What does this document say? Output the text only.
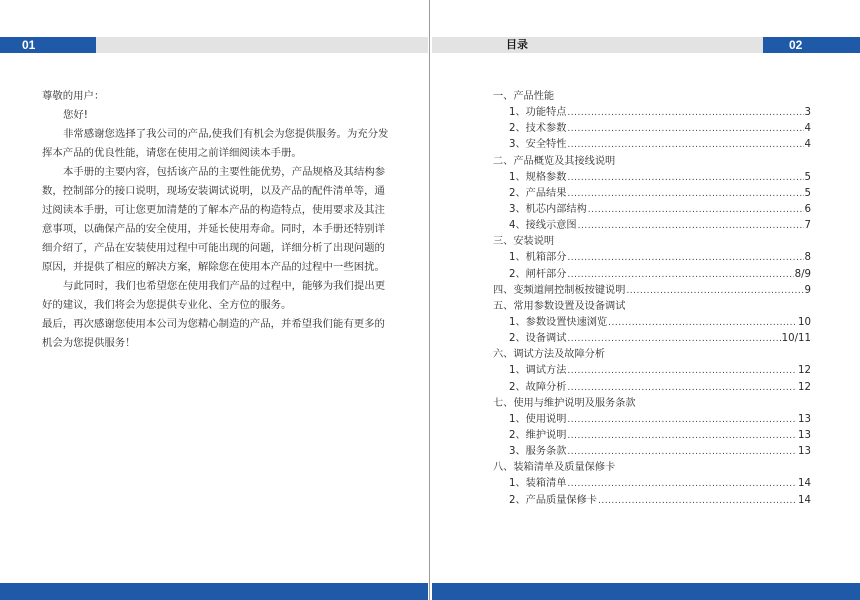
01	目录	02

尊敬的用户：

您好!

非常感谢您选择了我公司的产品,使我们有机会为您提供服务。为充分发挥本产品的优良性能，请您在使用之前详细阅读本手册。

本手册的主要内容，包括该产品的主要性能优势，产品规格及其结构参数，控制部分的接口说明，现场安装调试说明，以及产品的配件清单等，通过阅读本手册，可让您更加清楚的了解本产品的构造特点，使用要求及其注意事项，以确保产品的安全使用，并延长使用寿命。同时，本手册还特别详细介绍了，产品在安装使用过程中可能出现的问题，详细分析了出现问题的原因，并提供了相应的解决方案，解除您在使用本产品的过程中一些困扰。

与此同时，我们也希望您在使用我们产品的过程中，能够为我们提出更好的建议，我们将会为您提供专业化、全方位的服务。

最后，再次感谢您使用本公司为您精心制造的产品，并希望我们能有更多的机会为您提供服务！

一、产品性能
1、 功能特点 .....	3
2、 技术参数 .....	4
3、 安全特性 .....	4
二、产品概览及其接线说明
1、 规格参数 .....	5
2、 产品结果 .....	5
3、 机芯内部结构 .....	6
4、 接线示意图 .....	7
三、安装说明
1、 机箱部分 .....	8
2、 闸杆部分 .....	8/9
四、变频道闸控制板按键说明 .....	9
五、常用参数设置及设备调试
1、 参数设置快速浏览 .....	10
2、 设备调试 .....	10/11
六、调试方法及故障分析
1、 调试方法 .....	12
2、 故障分析 .....	12
七、使用与维护说明及服务条款
1、 使用说明 .....	13
2、 维护说明 .....	13
3、 服务条款 .....	13
八、装箱清单及质量保修卡
1、 装箱清单 .....	14
2、 产品质量保修卡 .....	14
